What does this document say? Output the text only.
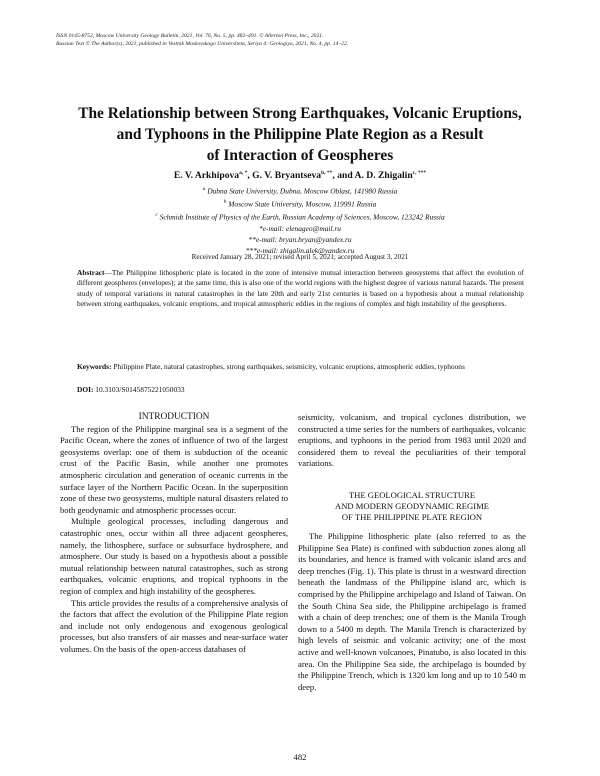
ISSN 0145-8752, Moscow University Geology Bulletin, 2021, Vol. 76, No. 5, pp. 482–491. © Allerton Press, Inc., 2021.
Russian Text © The Author(s), 2021, published in Vestnik Moskovskogo Universiteta, Seriya 4: Geologiya, 2021, No. 4, pp. 14–22.
The Relationship between Strong Earthquakes, Volcanic Eruptions,
and Typhoons in the Philippine Plate Region as a Result
of Interaction of Geospheres
E. V. Arkhipova$^{a, *}$, G. V. Bryantseva$^{b, **}$, and A. D. Zhigalin$^{c, ***}$
$^a$ Dubna State University, Dubna, Moscow Oblast, 141980 Russia
$^b$ Moscow State University, Moscow, 119991 Russia
$^c$ Schmidt Institute of Physics of the Earth, Russian Academy of Sciences, Moscow, 123242 Russia
*e-mail: elenageo@mail.ru
**e-mail: bryan.bryan@yandex.ru
***e-mail: zhigalin.alek@yandex.ru
Received January 28, 2021; revised April 5, 2021; accepted August 3, 2021
Abstract—The Philippine lithospheric plate is located in the zone of intensive mutual interaction between geosystems that affect the evolution of different geospheres (envelopes); at the same time, this is also one of the world regions with the highest degree of various natural hazards. The present study of temporal variations in natural catastrophes in the late 20th and early 21st centuries is based on a hypothesis about a mutual relationship between strong earthquakes, volcanic eruptions, and tropical atmospheric eddies in the regions of complex and high instability of the geospheres.
Keywords: Philippine Plate, natural catastrophes, strong earthquakes, seismicity, volcanic eruptions, atmospheric eddies, typhoons
DOI: 10.3103/S0145875221050033

INTRODUCTION

The region of the Philippine marginal sea is a segment of the Pacific Ocean, where the zones of influence of two of the largest geosystems overlap: one of them is subduction of the oceanic crust of the Pacific Basin, while another one promotes atmospheric circulation and generation of oceanic currents in the surface layer of the Northern Pacific Ocean. In the superposition zone of these two geosystems, multiple natural disasters related to both geodynamic and atmospheric processes occur.

Multiple geological processes, including dangerous and catastrophic ones, occur within all three adjacent geospheres, namely, the lithosphere, surface or subsurface hydrosphere, and atmosphere. Our study is based on a hypothesis about a possible mutual relationship between natural catastrophes, such as strong earthquakes, volcanic eruptions, and tropical typhoons in the region of complex and high instability of the geospheres.

This article provides the results of a comprehensive analysis of the factors that affect the evolution of the Philippine Plate region and include not only endogenous and exogenous geological processes, but also transfers of air masses and near-surface water volumes. On the basis of the open-access databases of

seismicity, volcanism, and tropical cyclones distribution, we constructed a time series for the numbers of earthquakes, volcanic eruptions, and typhoons in the period from 1983 until 2020 and considered them to reveal the peculiarities of their temporal variations.

THE GEOLOGICAL STRUCTURE
AND MODERN GEODYNAMIC REGIME
OF THE PHILIPPINE PLATE REGION

The Philippine lithospheric plate (also referred to as the Philippine Sea Plate) is confined with subduction zones along all its boundaries, and hence is framed with volcanic island arcs and deep trenches (Fig. 1). This plate is thrust in a westward direction beneath the landmass of the Philippine island arc, which is comprised by the Philippine archipelago and Island of Taiwan. On the South China Sea side, the Philippine archipelago is framed with a chain of deep trenches; one of them is the Manila Trough down to a 5400 m depth. The Manila Trench is characterized by high levels of seismic and volcanic activity; one of the most active and well-known volcanoes, Pinatubo, is also located in this area. On the Philippine Sea side, the archipelago is bounded by the Philippine Trench, which is 1320 km long and up to 10 540 m deep.

482
